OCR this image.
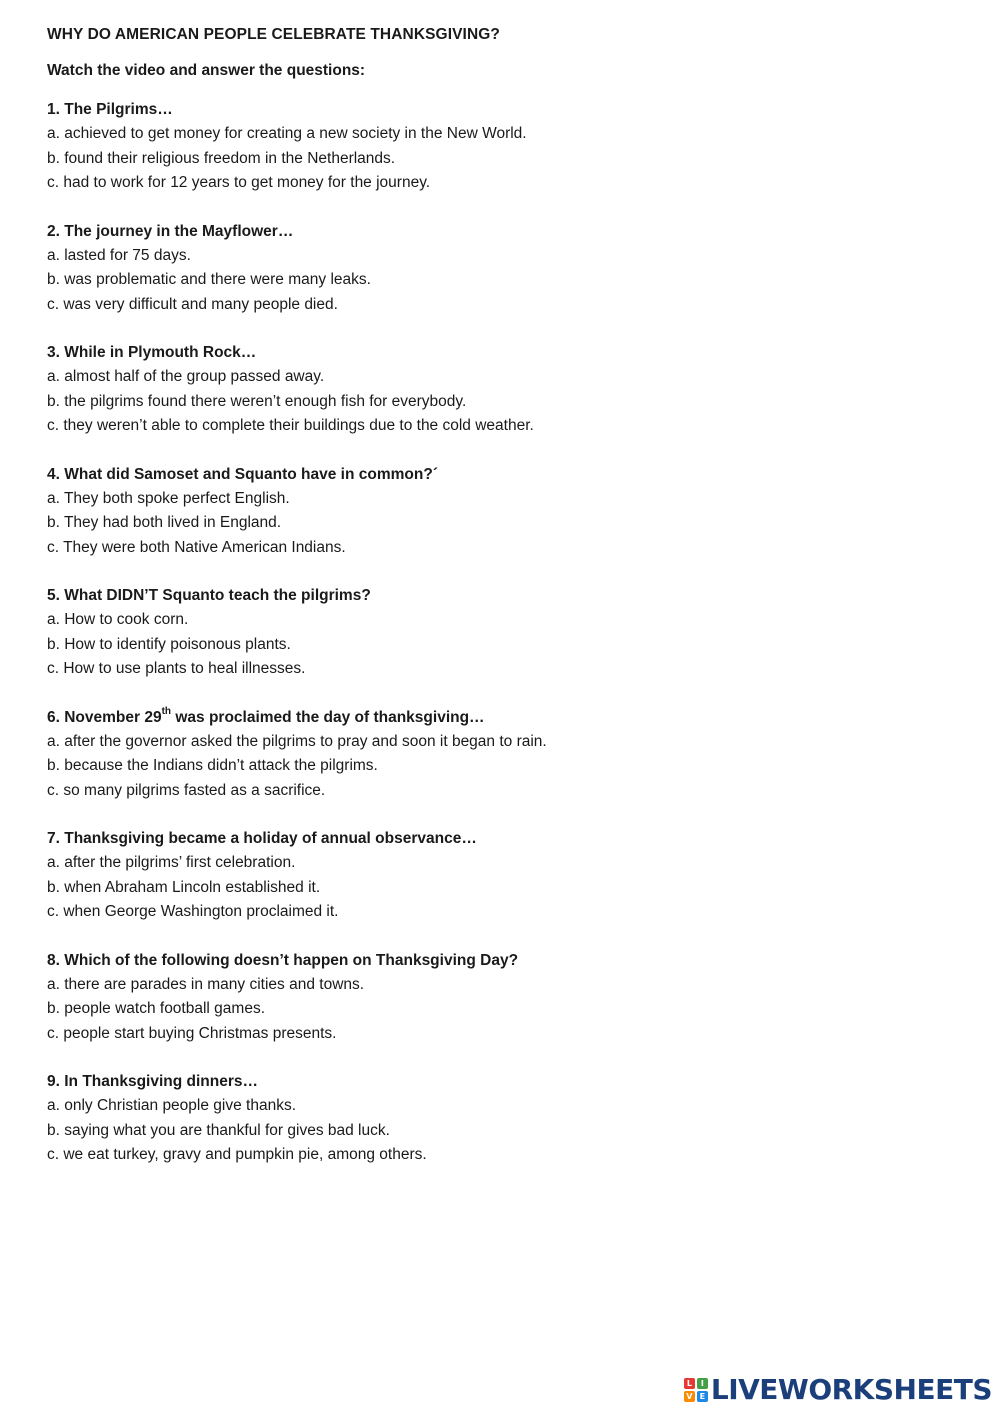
WHY DO AMERICAN PEOPLE CELEBRATE THANKSGIVING?
Watch the video and answer the questions:
1. The Pilgrims…
a. achieved to get money for creating a new society in the New World.
b. found their religious freedom in the Netherlands.
c. had to work for 12 years to get money for the journey.
2. The journey in the Mayflower…
a. lasted for 75 days.
b. was problematic and there were many leaks.
c. was very difficult and many people died.
3. While in Plymouth Rock…
a. almost half of the group passed away.
b. the pilgrims found there weren’t enough fish for everybody.
c. they weren’t able to complete their buildings due to the cold weather.
4. What did Samoset and Squanto have in common?´
a. They both spoke perfect English.
b. They had both lived in England.
c. They were both Native American Indians.
5. What DIDN’T Squanto teach the pilgrims?
a. How to cook corn.
b. How to identify poisonous plants.
c. How to use plants to heal illnesses.
6. November 29th was proclaimed the day of thanksgiving…
a. after the governor asked the pilgrims to pray and soon it began to rain.
b. because the Indians didn’t attack the pilgrims.
c. so many pilgrims fasted as a sacrifice.
7. Thanksgiving became a holiday of annual observance…
a. after the pilgrims’ first celebration.
b. when Abraham Lincoln established it.
c. when George Washington proclaimed it.
8. Which of the following doesn’t happen on Thanksgiving Day?
a. there are parades in many cities and towns.
b. people watch football games.
c. people start buying Christmas presents.
9. In Thanksgiving dinners…
a. only Christian people give thanks.
b. saying what you are thankful for gives bad luck.
c. we eat turkey, gravy and pumpkin pie, among others.
L	I
V E LIVEWORKSHEETS
